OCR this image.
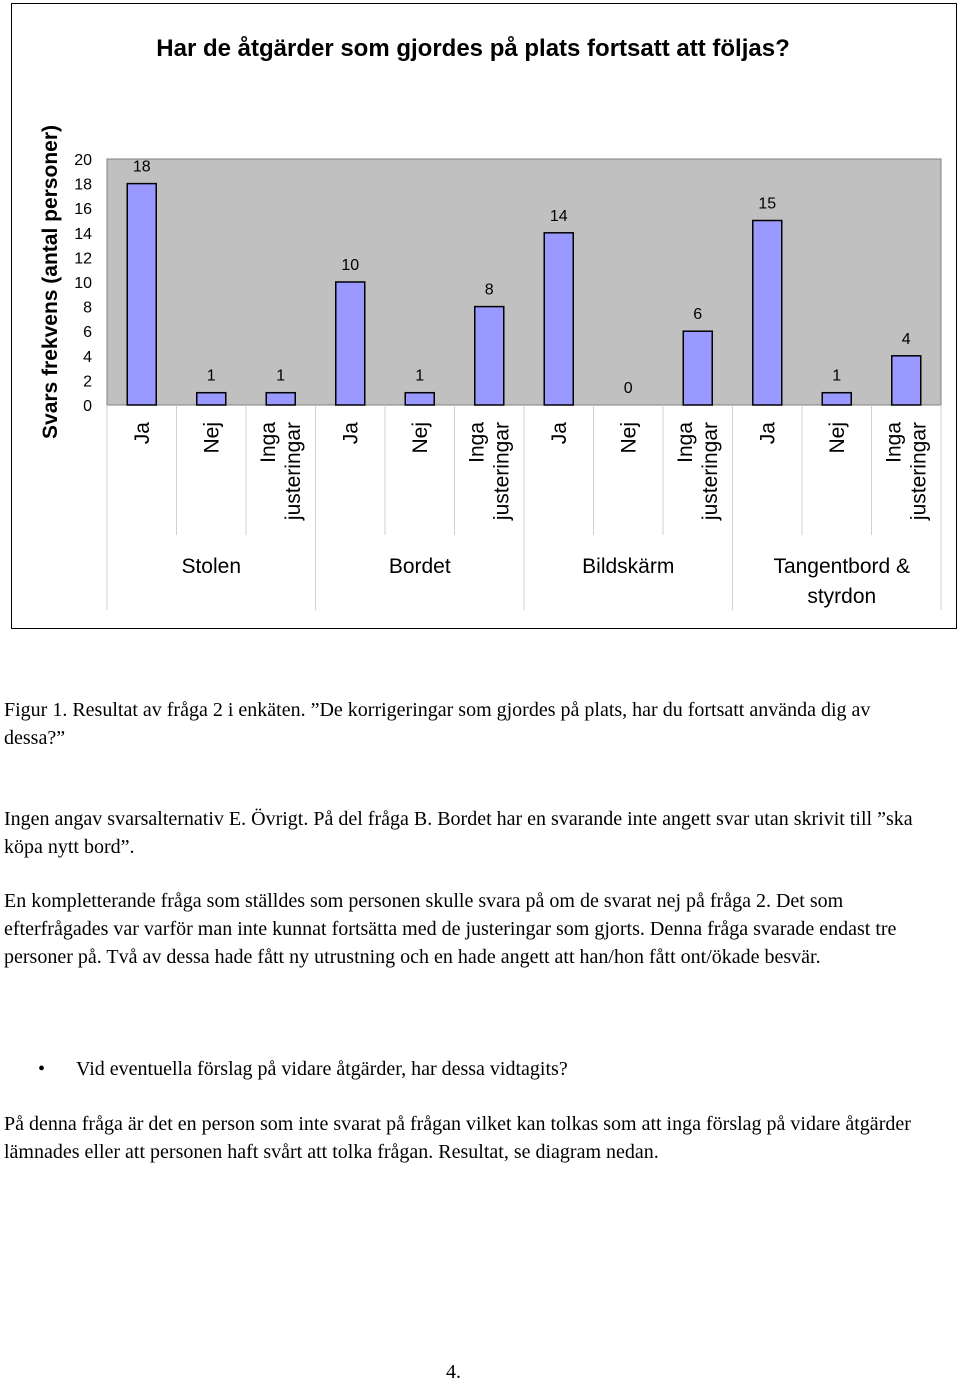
Har de åtgärder som gjordes på plats fortsatt att följas?
20
18
16
14
12
10
8
6
4
2
0
Svars frekvens (antal personer)	18
Ja
1
Nej
1
Ingajusteringar
Stolen
10
Ja
1
Nej
8
Ingajusteringar
Bordet
14
Ja
0
Nej
6
Ingajusteringar
Bildskärm
15
Ja
1
Nej
4
Ingajusteringar
Tangentbord & styrdon

Figur 1. Resultat av fråga 2 i enkäten. ”De korrigeringar som gjordes på plats, har du fortsatt använda dig av dessa?”

Ingen angav svarsalternativ E. Övrigt. På del fråga B. Bordet har en svarande inte angett svar utan skrivit till ”ska köpa nytt bord”.

En kompletterande fråga som ställdes som personen skulle svara på om de svarat nej på fråga 2. Det som efterfrågades var varför man inte kunnat fortsätta med de justeringar som gjorts. Denna fråga svarade endast tre personer på. Två av dessa hade fått ny utrustning och en hade angett att han/hon fått ont/ökade besvär.

• Vid eventuella förslag på vidare åtgärder, har dessa vidtagits?

På denna fråga är det en person som inte svarat på frågan vilket kan tolkas som att inga förslag på vidare åtgärder lämnades eller att personen haft svårt att tolka frågan. Resultat, se diagram nedan.

4.
